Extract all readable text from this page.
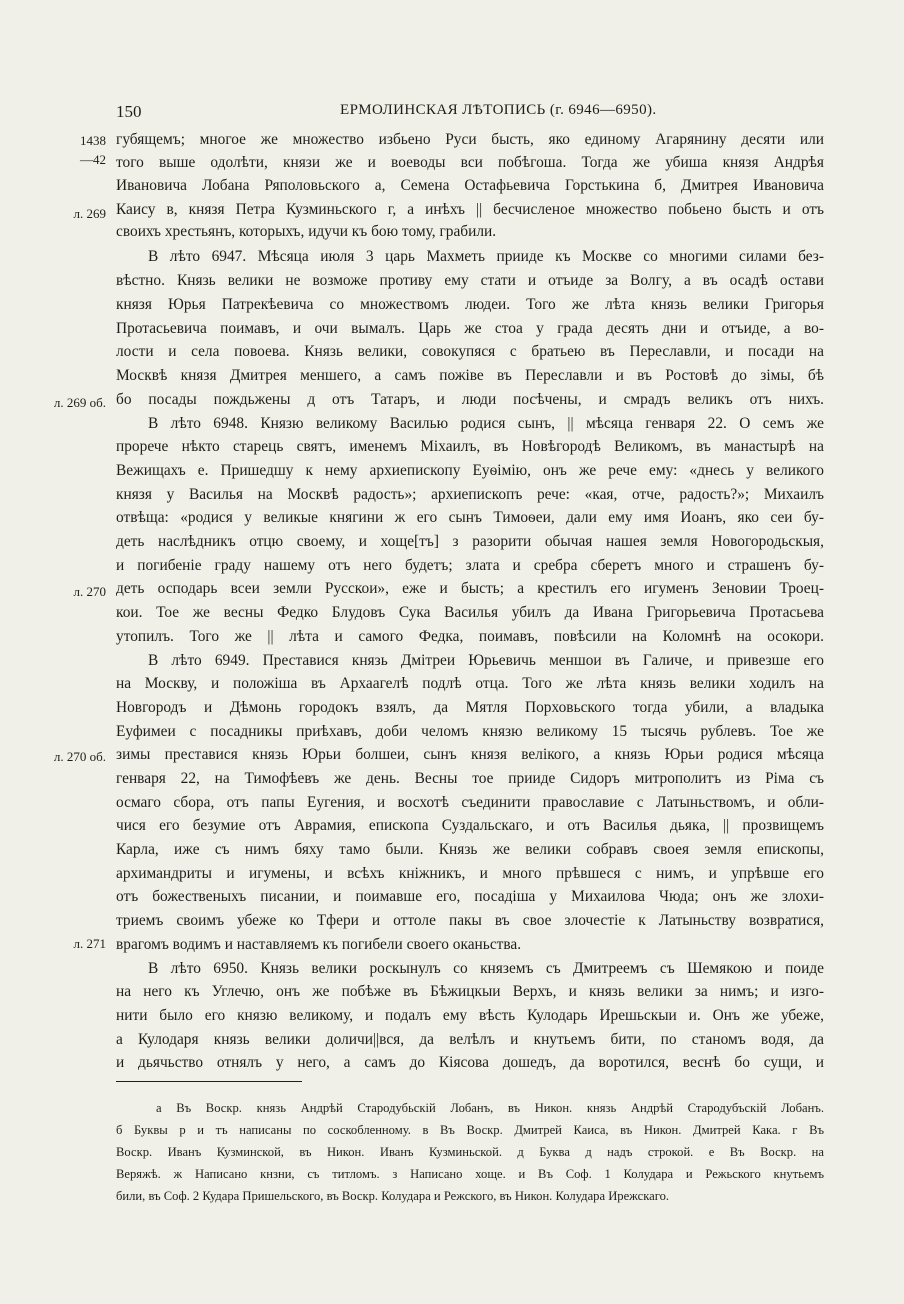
150	ЕРМОЛИНСКАЯ ЛѢТОПИСЬ (г. 6946—6950).
1438
—42
л. 269
л. 269 об.
л. 270
л. 270 об.
л. 271
губящемъ; многое же множество избьено Руси бысть, яко единому Агарянину десяти или
того выше одолѣти, князи же и воеводы вси побѣгоша. Тогда же убиша князя Андрѣя
Ивановича Лобана Ряполовьского а, Семена Остафьевича Горстькина б, Дмитрея Ивановича
Каису в, князя Петра Кузминьского г, а инѣхъ || бесчисленое множество побьено бысть и отъ
своихъ хрестьянъ, которыхъ, идучи къ бою тому, грабили.
В лѣто 6947. Мѣсяца июля 3 царь Махметь прииде къ Москве со многими силами без-
вѣстно. Князь велики не возможе противу ему стати и отъиде за Волгу, а въ осадѣ остави
князя Юрья Патрекѣевича со множествомъ людеи. Того же лѣта князь велики Григорья
Протасьевича поимавъ, и очи вымалъ. Царь же стоа у града десять дни и отъиде, а во-
лости и села повоева. Князь велики, совокупяся с братьею въ Переславли, и посади на
Москвѣ князя Дмитрея меншего, а самъ пожiве въ Переславли и въ Ростовѣ до зiмы, бѣ
бо посады пождьжены д отъ Татаръ, и люди посѣчены, и смрадъ великъ отъ нихъ.
В лѣто 6948. Князю великому Василью родися сынъ, || мѣсяца генваря 22. О семъ же
прорече нѣкто старець святъ, именемъ Мiхаилъ, въ Новѣгородѣ Великомъ, въ манастырѣ на
Вежищахъ е. Пришедшу к нему архиепископу Еуѳiмiю, онъ же рече ему: «днесь у великого
князя у Василья на Москвѣ радость»; архиепископъ рече: «кая, отче, радость?»; Михаилъ
отвѣща: «родися у великые княгини ж его сынъ Тимоѳеи, дали ему имя Иоанъ, яко сеи бу-
деть наслѣдникъ отцю своему, и хоще[тъ] з разорити обычая нашея земля Новогородьскыя,
и погибенiе граду нашему отъ него будетъ; злата и сребра сберетъ много и страшенъ бу-
деть осподарь всеи земли Русскои», еже и бысть; а крестилъ его игуменъ Зеновии Троец-
кои. Тое же весны Федко Блудовъ Сука Василья убилъ да Ивана Григорьевича Протасьева
утопилъ. Того же || лѣта и самого Федка, поимавъ, повѣсили на Коломнѣ на осокори.
В лѣто 6949. Преставися князь Дмiтреи Юрьевичь меншои въ Галиче, и привезше его
на Москву, и положiша въ Архаагелѣ подлѣ отца. Того же лѣта князь велики ходилъ на
Новгородъ и Дѣмонь городокъ взялъ, да Мятля Порховьского тогда убили, а владыка
Еуфимеи с посадникы приѣхавъ, доби челомъ князю великому 15 тысячь рублевъ. Тое же
зимы преставися князь Юрьи болшеи, сынъ князя велiкого, а князь Юрьи родися мѣсяца
генваря 22, на Тимофѣевъ же день. Весны тое прииде Сидоръ митрополитъ из Рiма съ
осмаго сбора, отъ папы Еугения, и восхотѣ съединити православие с Латыньствомъ, и обли-
чися его безумие отъ Аврамия, епископа Суздальскаго, и отъ Василья дьяка, || прозвищемъ
Карла, иже съ нимъ бяху тамо были. Князь же велики собравъ своея земля епископы,
архимандриты и игумены, и всѣхъ кнiжникъ, и много прѣвшеся с нимъ, и упрѣвше его
отъ божественыхъ писании, и поимавше его, посадiша у Михаилова Чюда; онъ же злохи-
триемъ своимъ убеже ко Тфери и оттоле пакы въ свое злочестiе к Латыньству возвратися,
врагомъ водимъ и наставляемъ къ погибели своего оканьства.
В лѣто 6950. Князь велики роскынулъ со княземъ съ Дмитреемъ съ Шемякою и поиде
на него къ Углечю, онъ же побѣже въ Бѣжицкыи Верхъ, и князь велики за нимъ; и изго-
нити было его князю великому, и подалъ ему вѣсть Кулодарь Ирешьскыи и. Онъ же убеже,
а Кулодаря князь велики доличи||вся, да велѣлъ и кнутьемъ бити, по станомъ водя, да
и дьячьство отнялъ у него, а самъ до Кiясова дошедъ, да воротился, веснѣ бо сущи, и
а Въ Воскр. князь Андрѣй Стародубьскiй Лобанъ, въ Никон. князь Андрѣй Стародубъскiй Лобанъ.
б Буквы р и тъ написаны по соскобленному. в Въ Воскр. Дмитрей Каиса, въ Никон. Дмитрей Кака. г Въ
Воскр. Иванъ Кузминской, въ Никон. Иванъ Кузминьской. д Буква д надъ строкой. е Въ Воскр. на
Веряжѣ. ж Написано кнзни, съ титломъ. з Написано хоще. и Въ Соф. 1 Колудара и Режьского кнутьемъ
били, въ Соф. 2 Кудара Пришельского, въ Воскр. Колудара и Режского, въ Никон. Колудара Ирежскаго.
